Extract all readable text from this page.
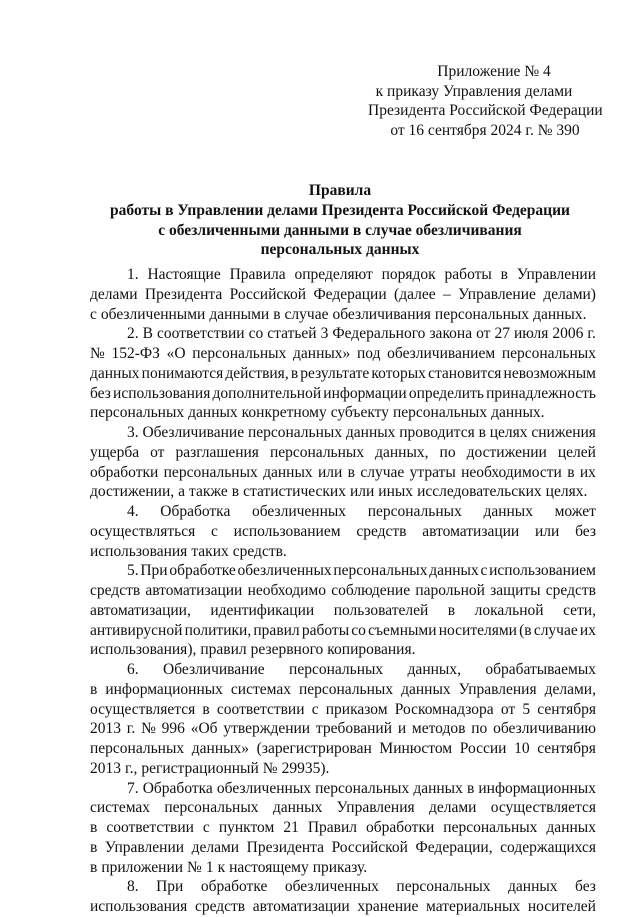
Приложение № 4
к приказу Управления делами
Президента Российской Федерации
от 16 сентября 2024 г. № 390
Правила
работы в Управлении делами Президента Российской Федерации
с обезличенными данными в случае обезличивания
персональных данных
1. Настоящие Правила определяют порядок работы в Управлении
делами Президента Российской Федерации (далее – Управление делами)
с обезличенными данными в случае обезличивания персональных данных.
2. В соответствии со статьей 3 Федерального закона от 27 июля 2006 г.
№ 152-ФЗ «О персональных данных» под обезличиванием персональных
данных понимаются действия, в результате которых становится невозможным
без использования дополнительной информации определить принадлежность
персональных данных конкретному субъекту персональных данных.
3. Обезличивание персональных данных проводится в целях снижения
ущерба от разглашения персональных данных, по достижении целей
обработки персональных данных или в случае утраты необходимости в их
достижении, а также в статистических или иных исследовательских целях.
4. Обработка обезличенных персональных данных может
осуществляться с использованием средств автоматизации или без
использования таких средств.
5. При обработке обезличенных персональных данных с использованием
средств автоматизации необходимо соблюдение парольной защиты средств
автоматизации, идентификации пользователей в локальной сети,
антивирусной политики, правил работы со съемными носителями (в случае их
использования), правил резервного копирования.
6. Обезличивание персональных данных, обрабатываемых
в информационных системах персональных данных Управления делами,
осуществляется в соответствии с приказом Роскомнадзора от 5 сентября
2013 г. № 996 «Об утверждении требований и методов по обезличиванию
персональных данных» (зарегистрирован Минюстом России 10 сентября
2013 г., регистрационный № 29935).
7. Обработка обезличенных персональных данных в информационных
системах персональных данных Управления делами осуществляется
в соответствии с пунктом 21 Правил обработки персональных данных
в Управлении делами Президента Российской Федерации, содержащихся
в приложении № 1 к настоящему приказу.
8. При обработке обезличенных персональных данных без
использования средств автоматизации хранение материальных носителей
